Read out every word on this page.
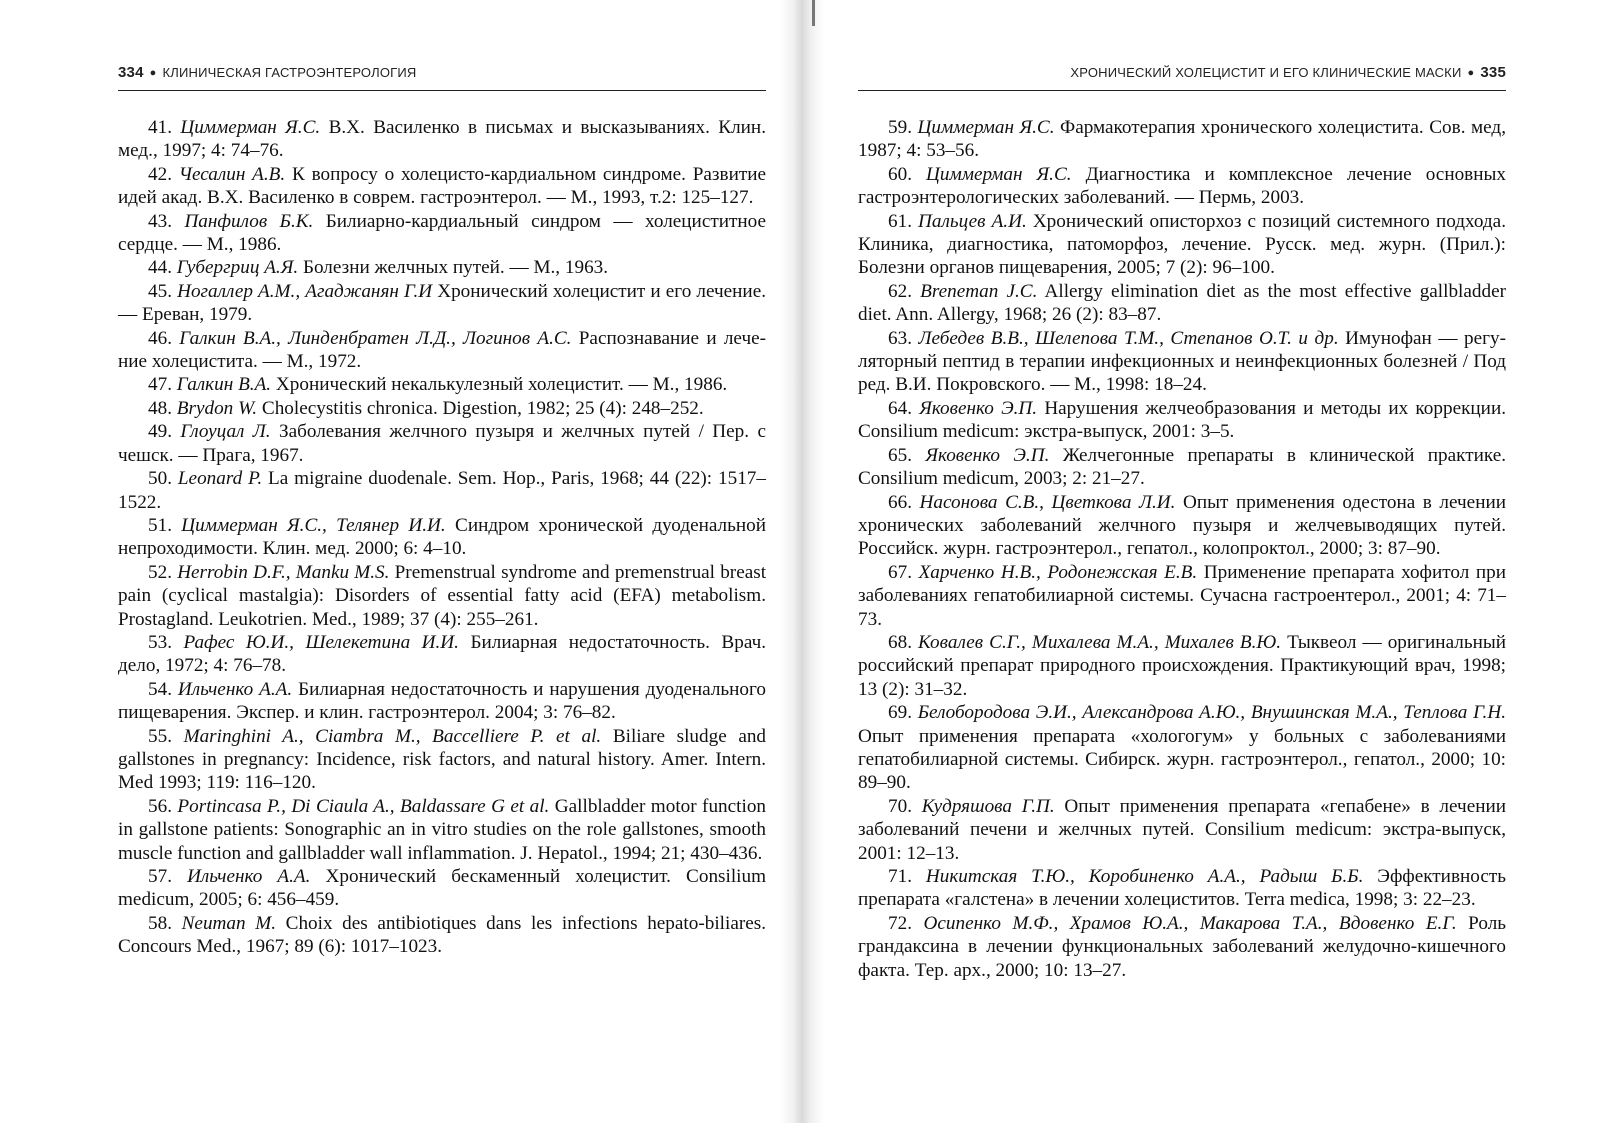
334 ● КЛИНИЧЕСКАЯ ГАСТРОЭНТЕРОЛОГИЯ
41. Циммерман Я.С. В.Х. Василенко в письмах и высказываниях. Клин. мед., 1997; 4: 74–76.
42. Чесалин А.В. К вопросу о холецисто-кардиальном синдроме. Развитие идей акад. В.Х. Василенко в соврем. гастроэнтерол. — М., 1993, т.2: 125–127.
43. Панфилов Б.К. Билиарно-кардиальный синдром — холециститное сердце. — М., 1986.
44. Губергриц А.Я. Болезни желчных путей. — М., 1963.
45. Ногаллер А.М., Агаджанян Г.И Хронический холецистит и его лечение. — Ереван, 1979.
46. Галкин В.А., Линденбратен Л.Д., Логинов А.С. Распознавание и лечение холецистита. — М., 1972.
47. Галкин В.А. Хронический некалькулезный холецистит. — М., 1986.
48. Brydon W. Cholecystitis chronica. Digestion, 1982; 25 (4): 248–252.
49. Глоуцал Л. Заболевания желчного пузыря и желчных путей / Пер. с чешск. — Прага, 1967.
50. Leonard P. La migraine duodenale. Sem. Hop., Paris, 1968; 44 (22): 1517–1522.
51. Циммерман Я.С., Телянер И.И. Синдром хронической дуоденальной непроходимости. Клин. мед. 2000; 6: 4–10.
52. Herrobin D.F., Manku M.S. Premenstrual syndrome and premenstrual breast pain (cyclical mastalgia): Disorders of essential fatty acid (EFA) metabolism. Prostagland. Leukotrien. Med., 1989; 37 (4): 255–261.
53. Рафес Ю.И., Шелекетина И.И. Билиарная недостаточность. Врач. дело, 1972; 4: 76–78.
54. Ильченко А.А. Билиарная недостаточность и нарушения дуоденального пищеварения. Экспер. и клин. гастроэнтерол. 2004; 3: 76–82.
55. Maringhini A., Ciambra M., Baccelliere P. et al. Biliare sludge and gallstones in pregnancy: Incidence, risk factors, and natural history. Amer. Intern. Med 1993; 119: 116–120.
56. Portincasa P., Di Ciaula A., Baldassare G et al. Gallbladder motor function in gallstone patients: Sonographic an in vitro studies on the role gallstones, smooth muscle function and gallbladder wall inflammation. J. Hepatol., 1994; 21; 430–436.
57. Ильченко А.А. Хронический бескаменный холецистит. Consilium medicum, 2005; 6: 456–459.
58. Neuman M. Choix des antibiotiques dans les infections hepato-biliares. Concours Med., 1967; 89 (6): 1017–1023.
ХРОНИЧЕСКИЙ ХОЛЕЦИСТИТ И ЕГО КЛИНИЧЕСКИЕ МАСКИ ● 335
59. Циммерман Я.С. Фармакотерапия хронического холецистита. Сов. мед, 1987; 4: 53–56.
60. Циммерман Я.С. Диагностика и комплексное лечение основных гастроэнтерологических заболеваний. — Пермь, 2003.
61. Пальцев А.И. Хронический описторхоз с позиций системного подхода. Клиника, диагностика, патоморфоз, лечение. Русск. мед. журн. (Прил.): Болезни органов пищеварения, 2005; 7 (2): 96–100.
62. Breneman J.C. Allergy elimination diet as the most effective gallbladder diet. Ann. Allergy, 1968; 26 (2): 83–87.
63. Лебедев В.В., Шелепова Т.М., Степанов О.Т. и др. Имунофан — регуляторный пептид в терапии инфекционных и неинфекционных болезней / Под ред. В.И. Покровского. — М., 1998: 18–24.
64. Яковенко Э.П. Нарушения желчеобразования и методы их коррекции. Consilium medicum: экстра-выпуск, 2001: 3–5.
65. Яковенко Э.П. Желчегонные препараты в клинической практике. Consilium medicum, 2003; 2: 21–27.
66. Насонова С.В., Цветкова Л.И. Опыт применения одестона в лечении хронических заболеваний желчного пузыря и желчевыводящих путей. Российск. журн. гастроэнтерол., гепатол., колопроктол., 2000; 3: 87–90.
67. Харченко Н.В., Родонежская Е.В. Применение препарата хофитол при заболеваниях гепатобилиарной системы. Сучасна гастроентерол., 2001; 4: 71–73.
68. Ковалев С.Г., Михалева М.А., Михалев В.Ю. Тыквеол — оригинальный российский препарат природного происхождения. Практикующий врач, 1998; 13 (2): 31–32.
69. Белобородова Э.И., Александрова А.Ю., Внушинская М.А., Теплова Г.Н. Опыт применения препарата «хологогум» у больных с заболеваниями гепатобилиарной системы. Сибирск. журн. гастроэнтерол., гепатол., 2000; 10: 89–90.
70. Кудряшова Г.П. Опыт применения препарата «гепабене» в лечении заболеваний печени и желчных путей. Consilium medicum: экстра-выпуск, 2001: 12–13.
71. Никитская Т.Ю., Коробиненко А.А., Радыш Б.Б. Эффективность препарата «галстена» в лечении холециститов. Terra medica, 1998; 3: 22–23.
72. Осипенко М.Ф., Храмов Ю.А., Макарова Т.А., Вдовенко Е.Г. Роль грандаксина в лечении функциональных заболеваний желудочно-кишечного факта. Тер. арх., 2000; 10: 13–27.
